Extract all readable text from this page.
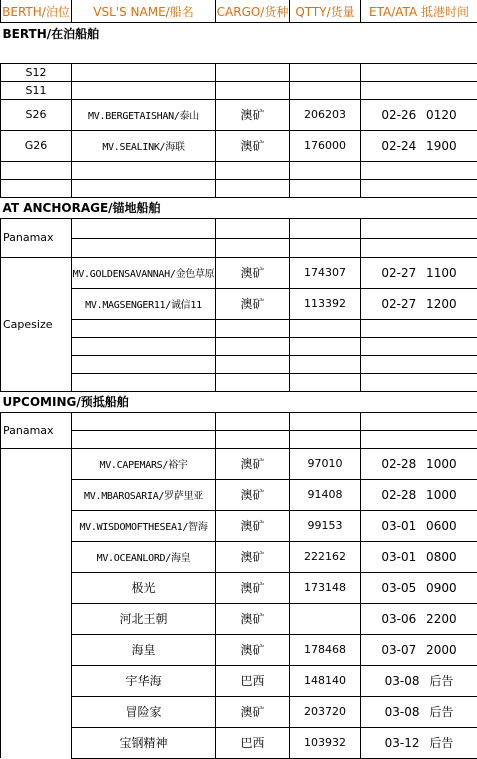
BERTH/泊位	VSL'S NAME/船名	CARGO/货种	QTTY/货量	ETA/ATA 抵港时间
BERTH/在泊船舶				

S12				
S11				
S26	MV.BERGETAISHAN/泰山	澳矿	206203	02-26 0120
G26	MV.SEALINK/海联	澳矿	176000	02-24 1900

AT ANCHORAGE/锚地船舶				
Panamax				

Capesize	MV.GOLDENSAVANNAH/金色草原	澳矿	174307	02-27 1100
	MV.MAGSENGER11/诚信11	澳矿	113392	02-27 1200

UPCOMING/预抵船舶				
Panamax				

	MV.CAPEMARS/裕宇	澳矿	97010	02-28 1000
	MV.MBAROSARIA/罗萨里亚	澳矿	91408	02-28 1000
	MV.WISDOMOFTHESEA1/智海	澳矿	99153	03-01 0600
	MV.OCEANLORD/海皇	澳矿	222162	03-01 0800
	极光	澳矿	173148	03-05 0900
	河北王朝	澳矿		03-06 2200
	海皇	澳矿	178468	03-07 2000
	宇华海	巴西	148140	03-08 后告
	冒险家	澳矿	203720	03-08 后告
	宝钢精神	巴西	103932	03-12 后告
